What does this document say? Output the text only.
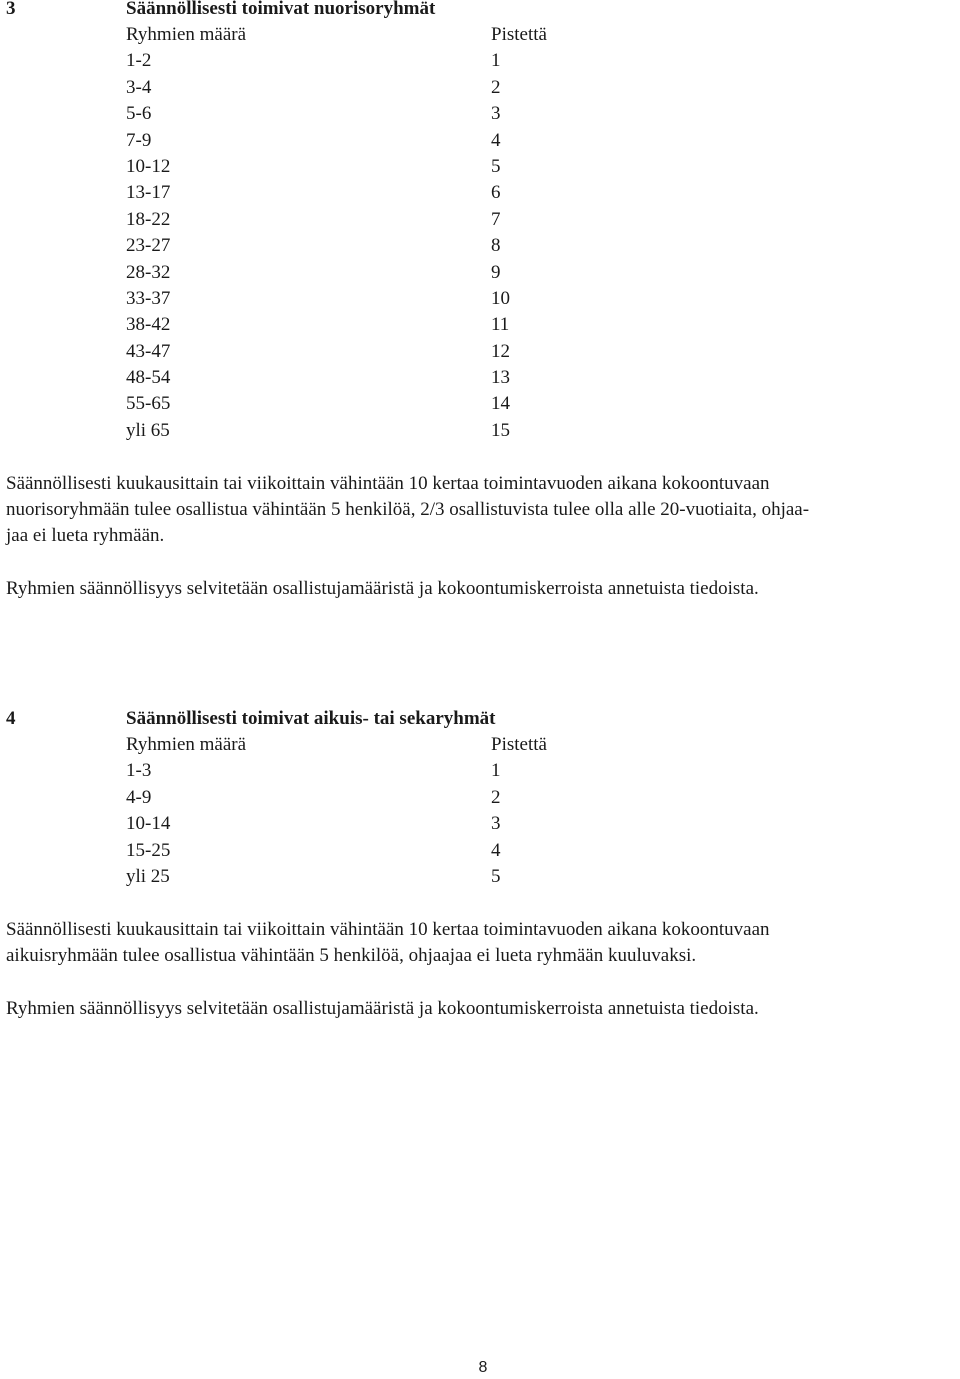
3	Säännöllisesti toimivat nuorisoryhmät
Ryhmien määrä	Pistettä
1-2	1
3-4	2
5-6	3
7-9	4
10-12	5
13-17	6
18-22	7
23-27	8
28-32	9
33-37	10
38-42	11
43-47	12
48-54	13
55-65	14
yli 65	15
Säännöllisesti kuukausittain tai viikoittain vähintään 10 kertaa toimintavuoden aikana kokoontuvaan
nuorisoryhmään tulee osallistua vähintään 5 henkilöä, 2/3 osallistuvista tulee olla alle 20-vuotiaita, ohjaa-
jaa ei lueta ryhmään.
Ryhmien säännöllisyys selvitetään osallistujamääristä ja kokoontumiskerroista annetuista tiedoista.
4	Säännöllisesti toimivat aikuis- tai sekaryhmät
Ryhmien määrä	Pistettä
1-3	1
4-9	2
10-14	3
15-25	4
yli 25	5
Säännöllisesti kuukausittain tai viikoittain vähintään 10 kertaa toimintavuoden aikana kokoontuvaan
aikuisryhmään tulee osallistua vähintään 5 henkilöä, ohjaajaa ei lueta ryhmään kuuluvaksi.
Ryhmien säännöllisyys selvitetään osallistujamääristä ja kokoontumiskerroista annetuista tiedoista.
8
